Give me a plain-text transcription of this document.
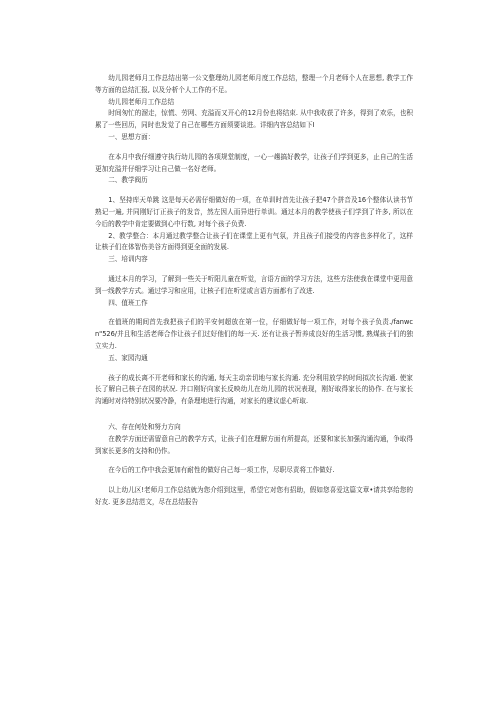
幼儿园老师月工作总结出第一公文整理幼儿园老师月度工作总结，整理一个月老师个人在思想, 教学工作等方面的总结汇报, 以及分析个人工作的不足。

幼儿园老师月工作总结

时间匆忙的溜走，惊慌、劳网、充溢而又开心的12月份也将结束. 从中我收获了许多，得到了欢乐，也积累了一些回历，同时也发觉了自己在哪些方面须要谈进。详细内容总结如下I

一、思想方面：

在本月中我仔细遵守执行幼儿园的各项规堂制度，一心一趨搞好教学，让孩子们学到更多，止自己的生活更加充溢并仔细学习让自己做一名好老师。

二、教学阀历

1、坚持库天单跳 这是每天必需仔细做好的一项，在单训时首先让孩子把47个拼音及16个整体认读书节熟记一遍, 并同刚好订正孩子的发音，然左因人而异进行单训。通过本月的教学使孩子们学到了许多, 所以在今后的教学中肯定要做到心中行数, 对每个孩子负费.

2、教学整合：本月通过教学整合让孩子们在课堂上更有气氛，并且孩子们接受的内容也多样化了，这样让核子们在体智伤美谷方面得到更全面的发展.

三、培训内容

通过本月的学习，了解到一些关于听阳儿童在听觉，言语方面的学习方法，这些方法使我在课堂中更用意到一线教学方式。通过学习和应用，让核子们在听觉或言语方面都有了改进.

四、值班工作

在值班的期间首先我把孩子们的平安何超放在第一位，仔细做好每一项工作，对每个孩子负责./fanwcn"526/并且和生活老师合作让孩子们过好他们的每一天. 还有让孩子暂养成良好的生活习惯, 熟煤孩子们的独立实力.

五、家园沟通

孩子的成长离不开老师和家长的沟通, 每天主动亲切地与家长沟通. 充分利用放学的时间拟次长沟通. 使家长了解自己核子在园的状况. 并口刚好向家长反映幼儿在幼儿园的状况表现，刚好取得家长的协作. 在与家长沟通时对待特别状况要冷静，有条理地进行沟通，对家长的建议虚心听取.

六、存在何处和努力方向

在教学方面还需留意自己的教学方式，让孩子们在理解方面有所提高，还要和家长加强沟通沟通，争取得到家长更多的支持和仍作。

在今后的工作中我会更加有耐性的做好自己每一项工作，尽职尽责将工作做好.

以上幼儿区!老师月工作总结就为您介绍到这里，希望它对您有招助，假如您喜爱这篇文章•请共享给您的好友. 更多总结范文，尽在总结报告
